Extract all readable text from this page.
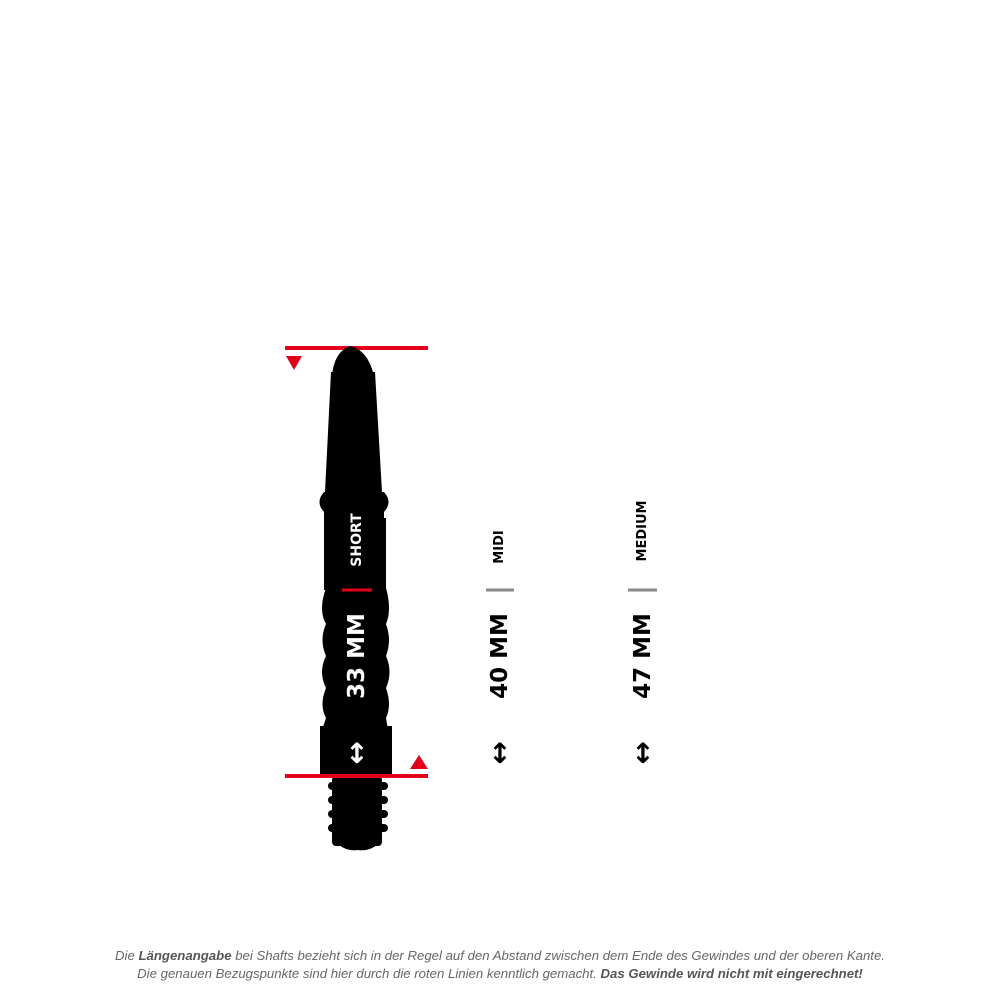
SHORT
33 MM
↕
MIDI
40 MM
↕
MEDIUM
47 MM
↕
Die Längenangabe bei Shafts bezieht sich in der Regel auf den Abstand zwischen dem Ende des Gewindes und der oberen Kante.
Die genauen Bezugspunkte sind hier durch die roten Linien kenntlich gemacht. Das Gewinde wird nicht mit eingerechnet!
